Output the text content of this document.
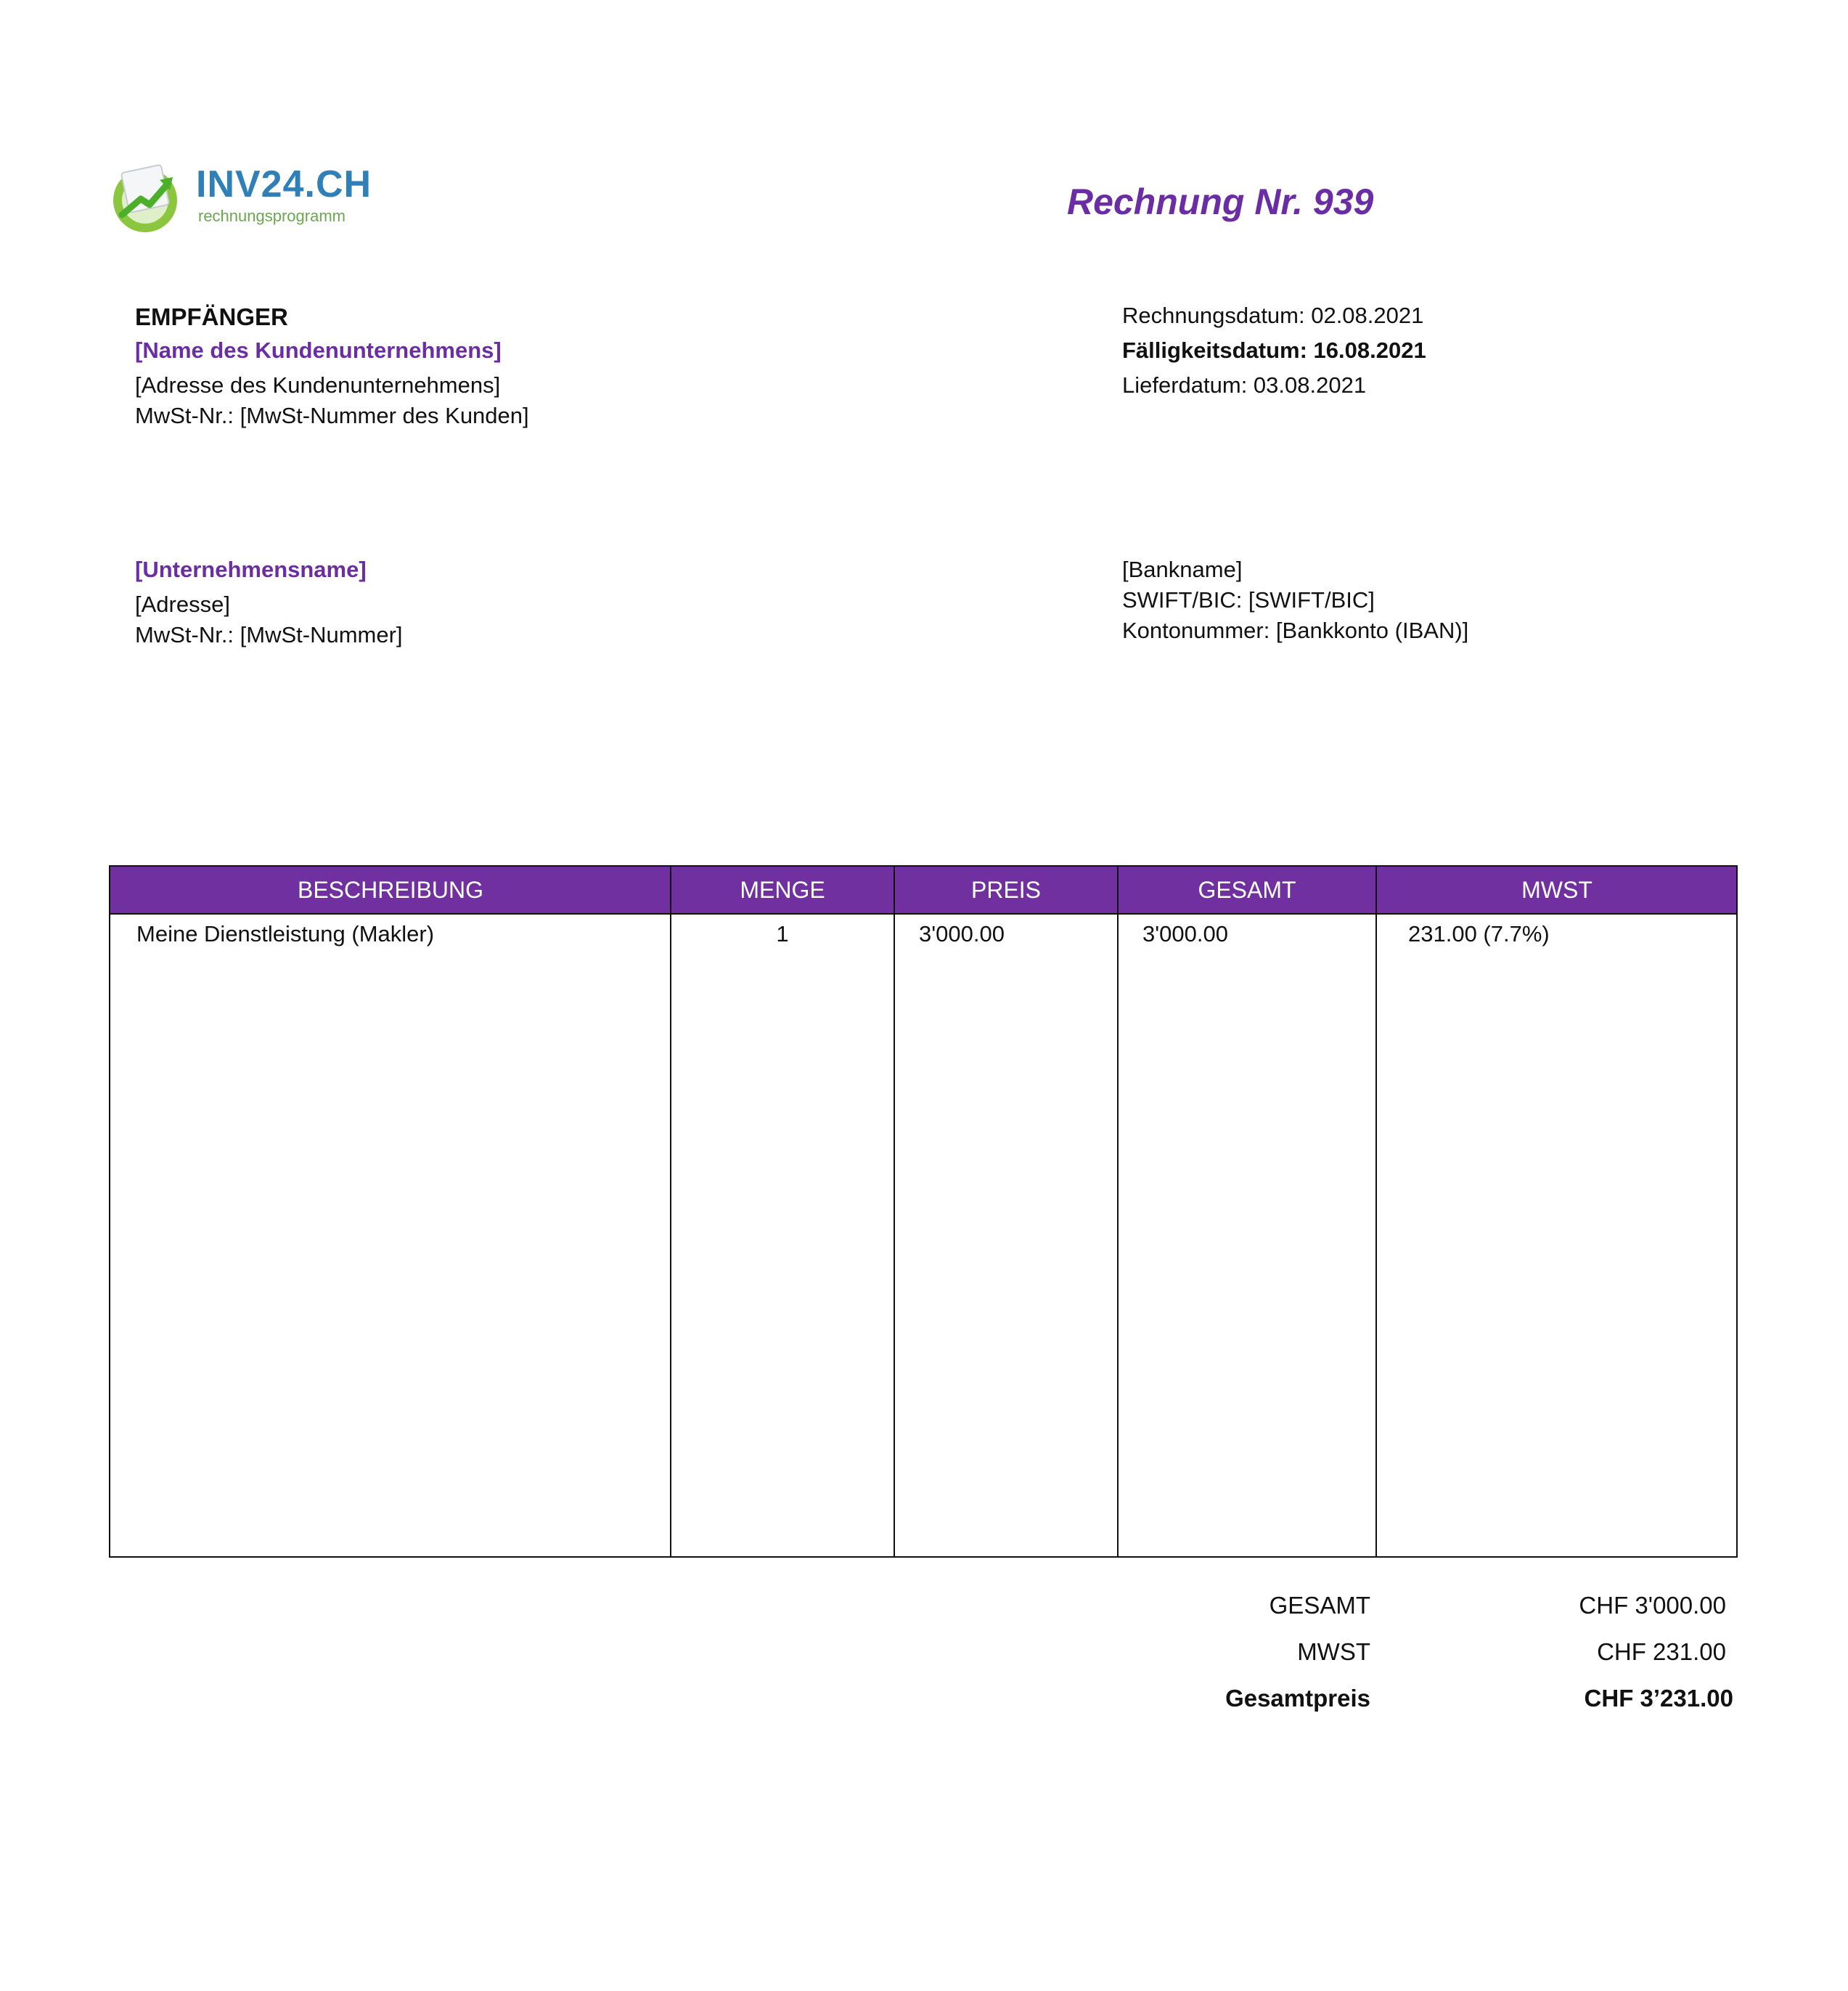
INV24.CH
rechnungsprogramm	Rechnung Nr. 939
EMPFÄNGER
[Name des Kundenunternehmens]
[Adresse des Kundenunternehmens]
MwSt-Nr.: [MwSt-Nummer des Kunden]
Rechnungsdatum: 02.08.2021
Fälligkeitsdatum: 16.08.2021
Lieferdatum: 03.08.2021
[Unternehmensname]
[Adresse]
MwSt-Nr.: [MwSt-Nummer]
[Bankname]
SWIFT/BIC: [SWIFT/BIC]
Kontonummer: [Bankkonto (IBAN)]
BESCHREIBUNG	MENGE	PREIS	GESAMT	MWST
Meine Dienstleistung (Makler)	1	3'000.00	3'000.00	231.00 (7.7%)
GESAMT	CHF 3'000.00
MWST	CHF 231.00
Gesamtpreis	CHF 3’231.00
